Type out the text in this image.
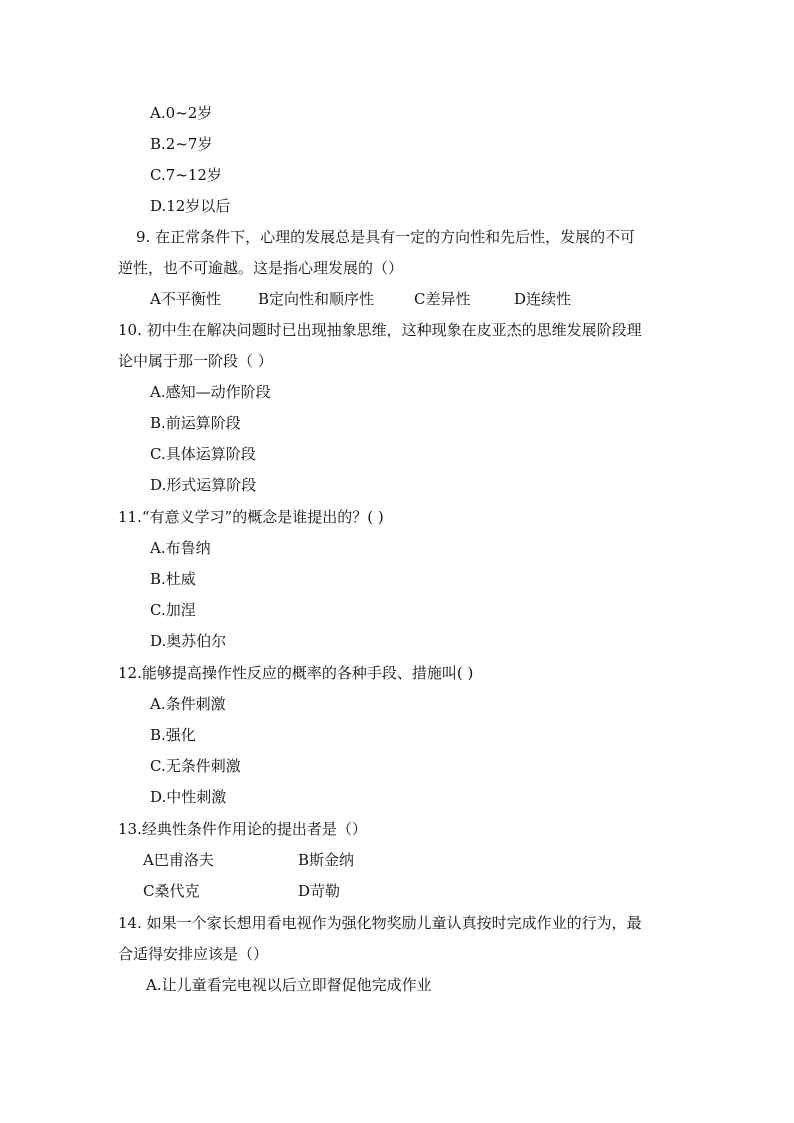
A.0~2岁
B.2~7岁
C.7~12岁
D.12岁以后
9. 在正常条件下，心理的发展总是具有一定的方向性和先后性，发展的不可
逆性，也不可逾越。这是指心理发展的（）
A不平衡性 B定向性和顺序性	C差异性	D连续性
10. 初中生在解决问题时已出现抽象思维，这种现象在皮亚杰的思维发展阶段理
论中属于那一阶段（ ）
A.感知—动作阶段
B.前运算阶段
C.具体运算阶段
D.形式运算阶段
11.“有意义学习”的概念是谁提出的？( )
A.布鲁纳
B.杜威
C.加涅
D.奥苏伯尔
12.能够提高操作性反应的概率的各种手段、措施叫( )
A.条件刺激
B.强化
C.无条件刺激
D.中性刺激
13.经典性条件作用论的提出者是（）
A巴甫洛夫	B斯金纳
C桑代克	D苛勒
14. 如果一个家长想用看电视作为强化物奖励儿童认真按时完成作业的行为，最
合适得安排应该是（）
A.让儿童看完电视以后立即督促他完成作业
